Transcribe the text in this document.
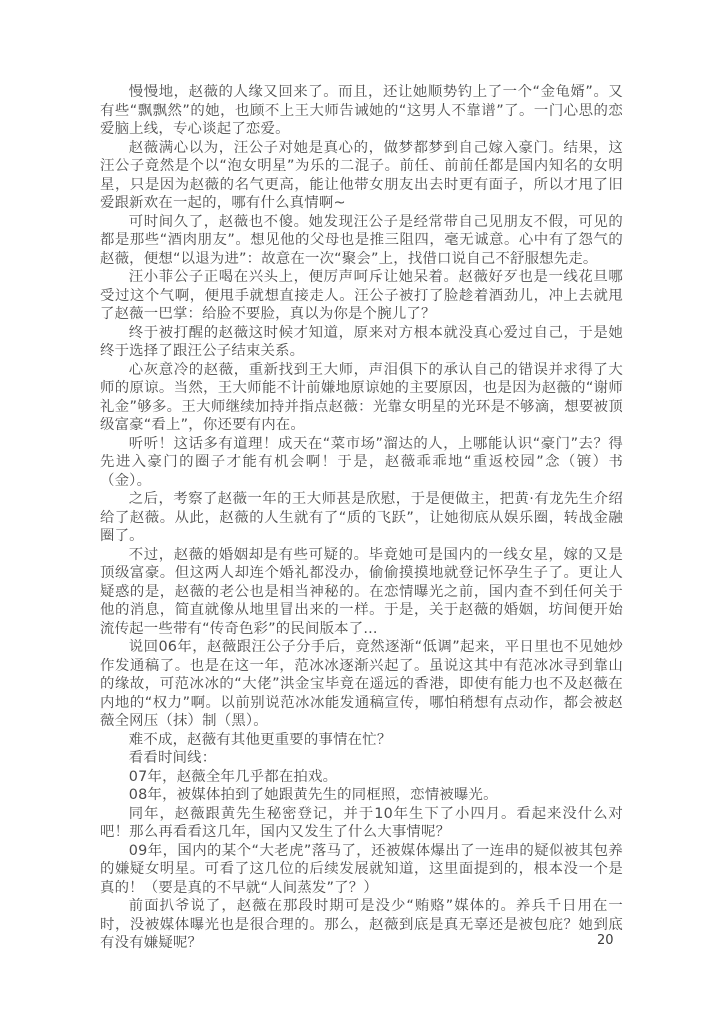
慢慢地，赵薇的人缘又回来了。而且，还让她顺势钓上了一个“金龟婿”。又有些“飘飘然”的她，也顾不上王大师告诫她的“这男人不靠谱”了。一门心思的恋爱脑上线，专心谈起了恋爱。

赵薇满心以为，汪公子对她是真心的，做梦都梦到自己嫁入豪门。结果，这汪公子竟然是个以“泡女明星”为乐的二混子。前任、前前任都是国内知名的女明星，只是因为赵薇的名气更高，能让他带女朋友出去时更有面子，所以才甩了旧爱跟新欢在一起的，哪有什么真情啊~

可时间久了，赵薇也不傻。她发现汪公子是经常带自己见朋友不假，可见的都是那些“酒肉朋友”。想见他的父母也是推三阻四，毫无诚意。心中有了怨气的赵薇，便想“以退为进”：故意在一次“聚会”上，找借口说自己不舒服想先走。

汪小菲公子正喝在兴头上，便厉声呵斥让她呆着。赵薇好歹也是一线花旦哪受过这个气啊，便甩手就想直接走人。汪公子被打了脸趁着酒劲儿，冲上去就甩了赵薇一巴掌：给脸不要脸，真以为你是个腕儿了？

终于被打醒的赵薇这时候才知道，原来对方根本就没真心爱过自己，于是她终于选择了跟汪公子结束关系。

心灰意冷的赵薇，重新找到王大师，声泪俱下的承认自己的错误并求得了大师的原谅。当然，王大师能不计前嫌地原谅她的主要原因，也是因为赵薇的“谢师礼金”够多。王大师继续加持并指点赵薇：光靠女明星的光环是不够滴，想要被顶级富豪“看上”，你还要有内在。

听听！这话多有道理！成天在“菜市场”溜达的人，上哪能认识“豪门”去？得先进入豪门的圈子才能有机会啊！于是，赵薇乖乖地“重返校园”念（镀）书（金）。

之后，考察了赵薇一年的王大师甚是欣慰，于是便做主，把黄·有龙先生介绍给了赵薇。从此，赵薇的人生就有了“质的飞跃”，让她彻底从娱乐圈，转战金融圈了。

不过，赵薇的婚姻却是有些可疑的。毕竟她可是国内的一线女星，嫁的又是顶级富豪。但这两人却连个婚礼都没办，偷偷摸摸地就登记怀孕生子了。更让人疑惑的是，赵薇的老公也是相当神秘的。在恋情曝光之前，国内查不到任何关于他的消息，简直就像从地里冒出来的一样。于是，关于赵薇的婚姻，坊间便开始流传起一些带有“传奇色彩”的民间版本了...

说回06年，赵薇跟汪公子分手后，竟然逐渐“低调”起来，平日里也不见她炒作发通稿了。也是在这一年，范冰冰逐渐兴起了。虽说这其中有范冰冰寻到靠山的缘故，可范冰冰的“大佬”洪金宝毕竟在遥远的香港，即使有能力也不及赵薇在内地的“权力”啊。以前别说范冰冰能发通稿宣传，哪怕稍想有点动作，都会被赵薇全网压（抹）制（黑）。

难不成，赵薇有其他更重要的事情在忙？

看看时间线：

07年，赵薇全年几乎都在拍戏。

08年，被媒体拍到了她跟黄先生的同框照，恋情被曝光。

同年，赵薇跟黄先生秘密登记，并于10年生下了小四月。看起来没什么对吧！那么再看看这几年，国内又发生了什么大事情呢？

09年，国内的某个“大老虎”落马了，还被媒体爆出了一连串的疑似被其包养的嫌疑女明星。可看了这几位的后续发展就知道，这里面提到的，根本没一个是真的！（要是真的不早就“人间蒸发”了？）

前面扒爷说了，赵薇在那段时期可是没少“贿赂”媒体的。养兵千日用在一时，没被媒体曝光也是很合理的。那么，赵薇到底是真无辜还是被包庇？她到底有没有嫌疑呢？	20
